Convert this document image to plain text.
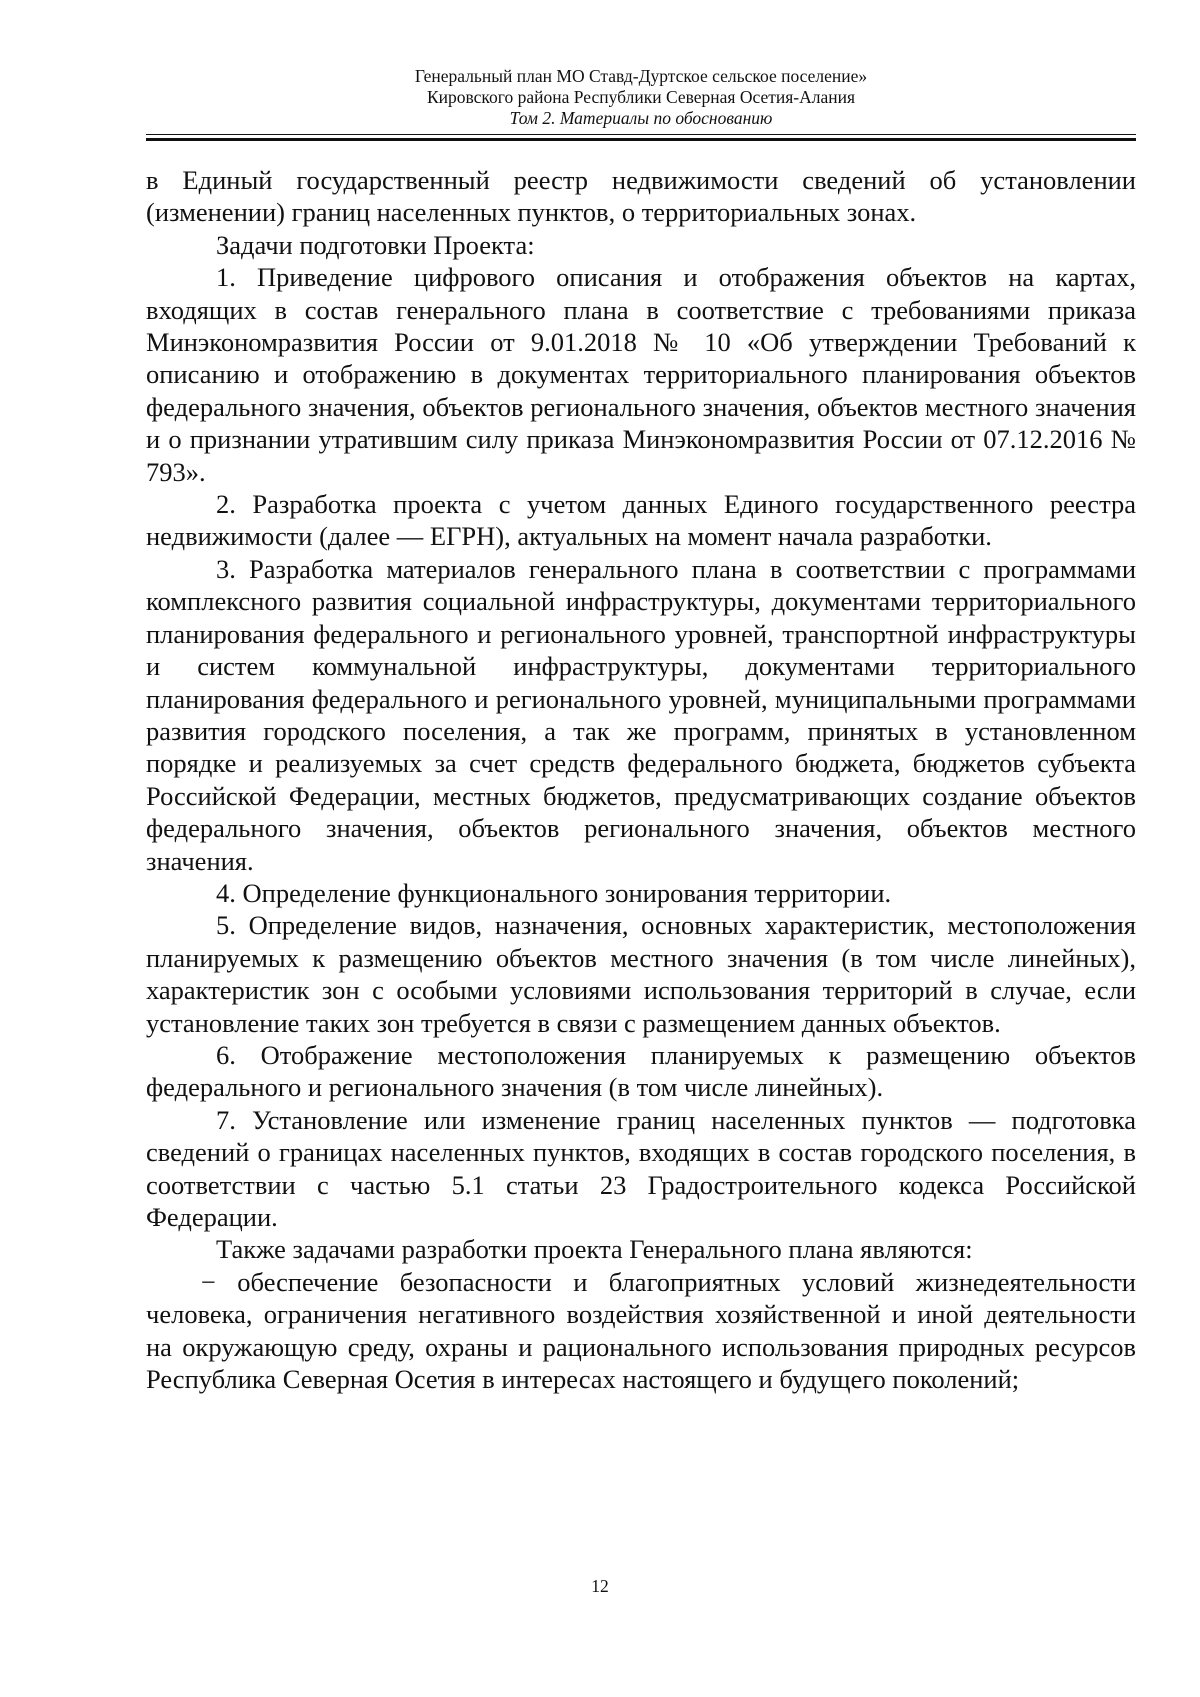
Генеральный план МО Ставд-Дуртское сельское поселение»
Кировского района Республики Северная Осетия-Алания
Том 2. Материалы по обоснованию

в Единый государственный реестр недвижимости сведений об установлении (изменении) границ населенных пунктов, о территориальных зонах.

Задачи подготовки Проекта:

1. Приведение цифрового описания и отображения объектов на картах, входящих в состав генерального плана в соответствие с требованиями приказа Минэкономразвития России от 9.01.2018 № 10 «Об утверждении Требований к описанию и отображению в документах территориального планирования объектов федерального значения, объектов регионального значения, объектов местного значения и о признании утратившим силу приказа Минэкономразвития России от 07.12.2016 № 793».

2. Разработка проекта с учетом данных Единого государственного реестра недвижимости (далее — ЕГРН), актуальных на момент начала разработки.

3. Разработка материалов генерального плана в соответствии с программами комплексного развития социальной инфраструктуры, документами территориального планирования федерального и регионального уровней, транспортной инфраструктуры и систем коммунальной инфраструктуры, документами территориального планирования федерального и регионального уровней, муниципальными программами развития городского поселения, а так же программ, принятых в установленном порядке и реализуемых за счет средств федерального бюджета, бюджетов субъекта Российской Федерации, местных бюджетов, предусматривающих создание объектов федерального значения, объектов регионального значения, объектов местного значения.

4. Определение функционального зонирования территории.

5. Определение видов, назначения, основных характеристик, местоположения планируемых к размещению объектов местного значения (в том числе линейных), характеристик зон с особыми условиями использования территорий в случае, если установление таких зон требуется в связи с размещением данных объектов.

6. Отображение местоположения планируемых к размещению объектов федерального и регионального значения (в том числе линейных).

7. Установление или изменение границ населенных пунктов — подготовка сведений о границах населенных пунктов, входящих в состав городского поселения, в соответствии с частью 5.1 статьи 23 Градостроительного кодекса Российской Федерации.

Также задачами разработки проекта Генерального плана являются:

− обеспечение безопасности и благоприятных условий жизнедеятельности человека, ограничения негативного воздействия хозяйственной и иной деятельности на окружающую среду, охраны и рационального использования природных ресурсов Республика Северная Осетия в интересах настоящего и будущего поколений;

12
